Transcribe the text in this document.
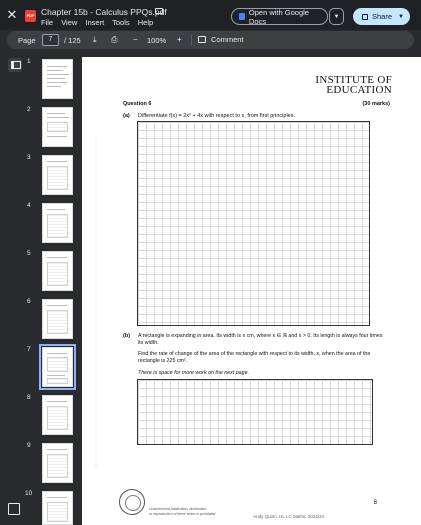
✕	PDF Chapter 15b - Calculus PPQs.pdf
File View Insert Tools Help
Open with Google Docs	▼	Share ▼
Page	7	/ 125 ⤓ ⎙ − 100% +	Comment
1
2
3
4
5
6
7
8
9
10
INSTITUTE OF
EDUCATION
Question 6	(30 marks)
(a) Differentiate f(x) = 2x² + 4x with respect to x, from first principles.
(b) A rectangle is expanding in area. Its width is x cm, where x ∈ ℝ and x > 0. Its length is always four times its width.
Find the rate of change of the area of the rectangle with respect to its width, x, when the area of the rectangle is 225 cm².
There is space for more work on the next page.
Unauthorised publication, distribution
or reproduction of these notes is prohibited
8
Andy Quinn. HL LC Maths. 2023/24
